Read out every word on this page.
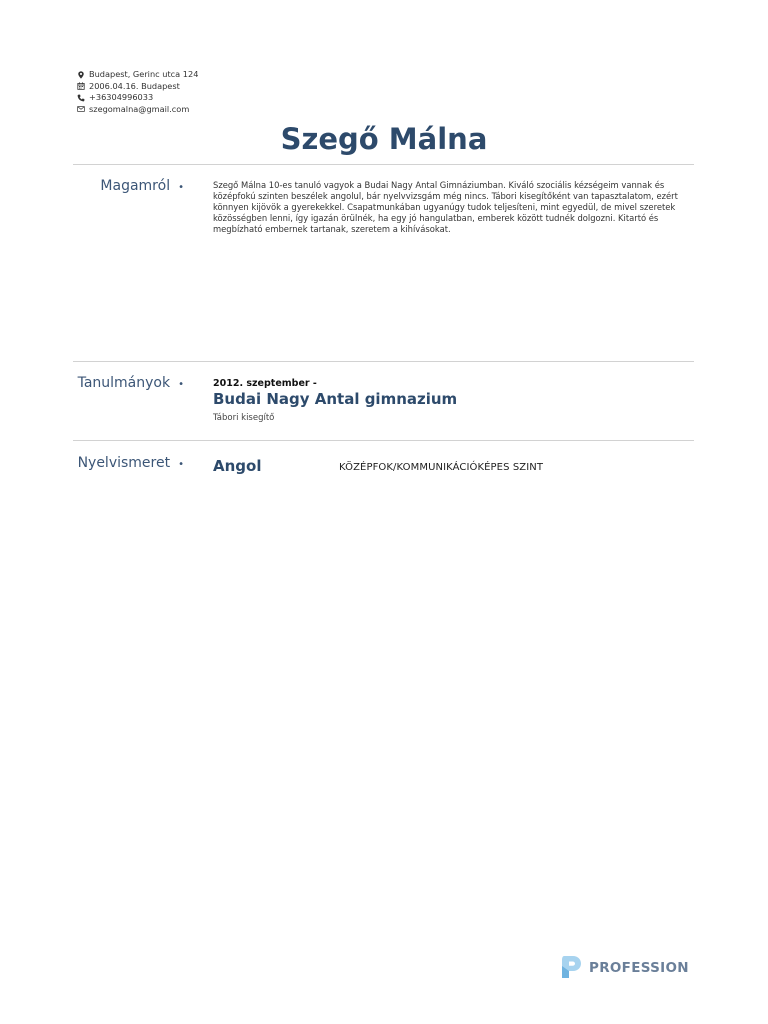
Budapest, Gerinc utca 124
2006.04.16. Budapest
+36304996033
szegomalna@gmail.com
Szegő Málna
Magamról •	Szegő Málna 10-es tanuló vagyok a Budai Nagy Antal Gimnáziumban. Kiváló szociális kézségeim vannak és középfokú szinten beszélek angolul, bár nyelvvizsgám még nincs. Tábori kisegítőként van tapasztalatom, ezért könnyen kijövök a gyerekekkel. Csapatmunkában ugyanúgy tudok teljesíteni, mint egyedül, de mivel szeretek közösségben lenni, így igazán örülnék, ha egy jó hangulatban, emberek között tudnék dolgozni. Kitartó és megbízható embernek tartanak, szeretem a kihívásokat.
Tanulmányok •	2012. szeptember -
Budai Nagy Antal gimnazium
Tábori kisegítő
Nyelvismeret • Angol	KÖZÉPFOK/KOMMUNIKÁCIÓKÉPES SZINT
PROFESSION
